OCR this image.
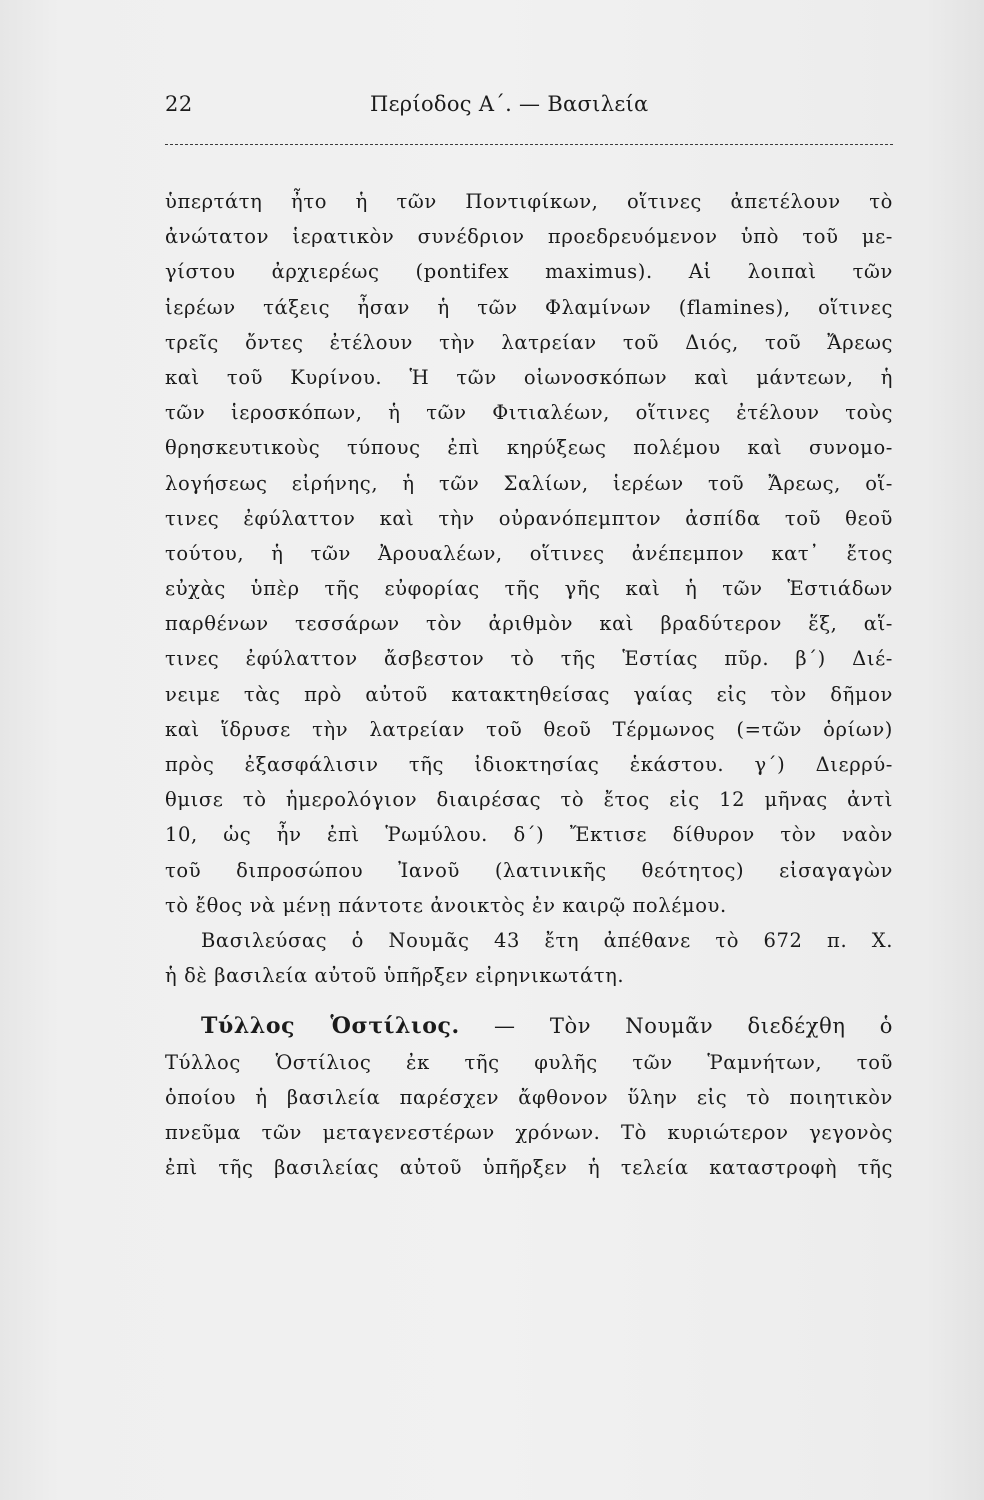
22	Περίοδος Α΄. — Βασιλεία
ὑπερτάτη ἦτο ἡ τῶν Ποντιφίκων, οἵτινες ἀπετέλουν τὸ
ἀνώτατον ἱερατικὸν συνέδριον προεδρευόμενον ὑπὸ τοῦ με-
γίστου ἀρχιερέως (pontifex maximus). Αἱ λοιπαὶ τῶν
ἱερέων τάξεις ἦσαν ἡ τῶν Φλαμίνων (flamines), οἵτινες
τρεῖς ὄντες ἐτέλουν τὴν λατρείαν τοῦ Διός, τοῦ Ἄρεως
καὶ τοῦ Κυρίνου. Ἡ τῶν οἰωνοσκόπων καὶ μάντεων, ἡ
τῶν ἱεροσκόπων, ἡ τῶν Φιτιαλέων, οἵτινες ἐτέλουν τοὺς
θρησκευτικοὺς τύπους ἐπὶ κηρύξεως πολέμου καὶ συνομο-
λογήσεως εἰρήνης, ἡ τῶν Σαλίων, ἱερέων τοῦ Ἄρεως, οἵ-
τινες ἐφύλαττον καὶ τὴν οὐρανόπεμπτον ἀσπίδα τοῦ θεοῦ
τούτου, ἡ τῶν Ἀρουαλέων, οἵτινες ἀνέπεμπον κατ᾽ ἔτος
εὐχὰς ὑπὲρ τῆς εὐφορίας τῆς γῆς καὶ ἡ τῶν Ἑστιάδων
παρθένων τεσσάρων τὸν ἀριθμὸν καὶ βραδύτερον ἕξ, αἵ-
τινες ἐφύλαττον ἄσβεστον τὸ τῆς Ἑστίας πῦρ. β΄) Διέ-
νειμε τὰς πρὸ αὐτοῦ κατακτηθείσας γαίας εἰς τὸν δῆμον
καὶ ἵδρυσε τὴν λατρείαν τοῦ θεοῦ Τέρμωνος (=τῶν ὁρίων)
πρὸς ἐξασφάλισιν τῆς ἰδιοκτησίας ἑκάστου. γ΄) Διερρύ-
θμισε τὸ ἡμερολόγιον διαιρέσας τὸ ἔτος εἰς 12 μῆνας ἀντὶ
10, ὡς ἦν ἐπὶ Ῥωμύλου. δ΄) Ἔκτισε δίθυρον τὸν ναὸν
τοῦ διπροσώπου Ἰανοῦ (λατινικῆς θεότητος) εἰσαγαγὼν
τὸ ἔθος νὰ μένῃ πάντοτε ἀνοικτὸς ἐν καιρῷ πολέμου.
Βασιλεύσας ὁ Νουμᾶς 43 ἔτη ἀπέθανε τὸ 672 π. Χ.
ἡ δὲ βασιλεία αὐτοῦ ὑπῆρξεν εἰρηνικωτάτη.
Τύλλος Ὁστίλιος. — Τὸν Νουμᾶν διεδέχθη ὁ
Τύλλος Ὁστίλιος ἐκ τῆς φυλῆς τῶν Ῥαμνήτων, τοῦ
ὁποίου ἡ βασιλεία παρέσχεν ἄφθονον ὕλην εἰς τὸ ποιητικὸν
πνεῦμα τῶν μεταγενεστέρων χρόνων. Τὸ κυριώτερον γεγονὸς
ἐπὶ τῆς βασιλείας αὐτοῦ ὑπῆρξεν ἡ τελεία καταστροφὴ τῆς
